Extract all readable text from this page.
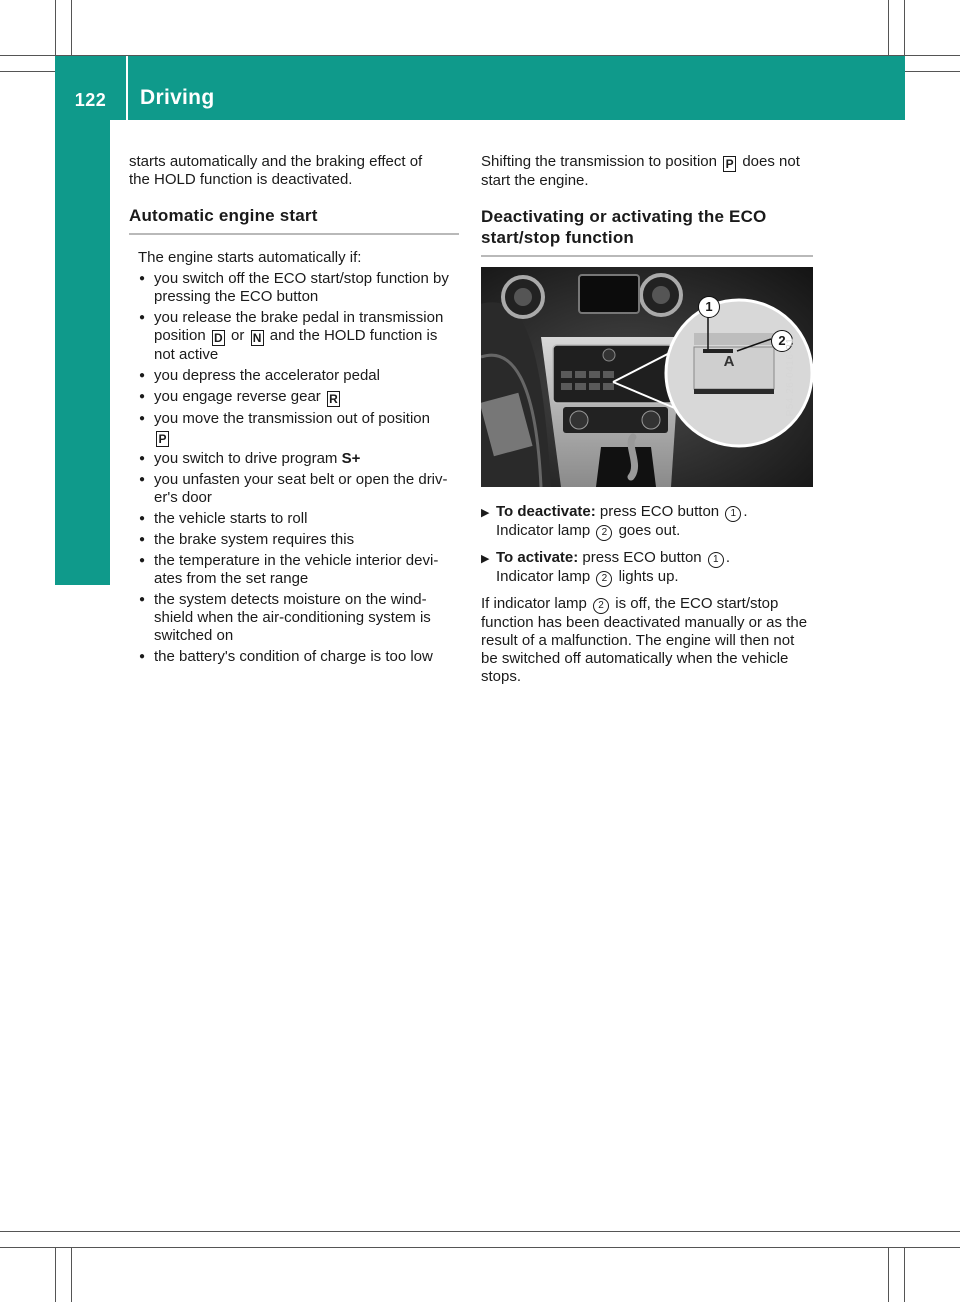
122	Driving
Driving and parking

starts automatically and the braking effect of
the HOLD function is deactivated.

Automatic engine start

The engine starts automatically if:

● you switch off the ECO start/stop function by pressing the ECO button
● you release the brake pedal in transmission position D or N and the HOLD function is not active
● you depress the accelerator pedal
● you engage reverse gear R
● you move the transmission out of position
P
● you switch to drive program S+
● you unfasten your seat belt or open the driv-er's door
● the vehicle starts to roll
● the brake system requires this
● the temperature in the vehicle interior devi-ates from the set range
● the system detects moisture on the wind-shield when the air-conditioning system is switched on
● the battery's condition of charge is too low

Shifting the transmission to position P does not start the engine.

Deactivating or activating the ECO start/stop function
1
2
A	P54.26-0416-31
▶ To deactivate: press ECO button 1 .
Indicator lamp 2 goes out.
▶ To activate: press ECO button 1 .
Indicator lamp 2 lights up.

If indicator lamp 2 is off, the ECO start/stop function has been deactivated manually or as the result of a malfunction. The engine will then not be switched off automatically when the vehicle stops.
